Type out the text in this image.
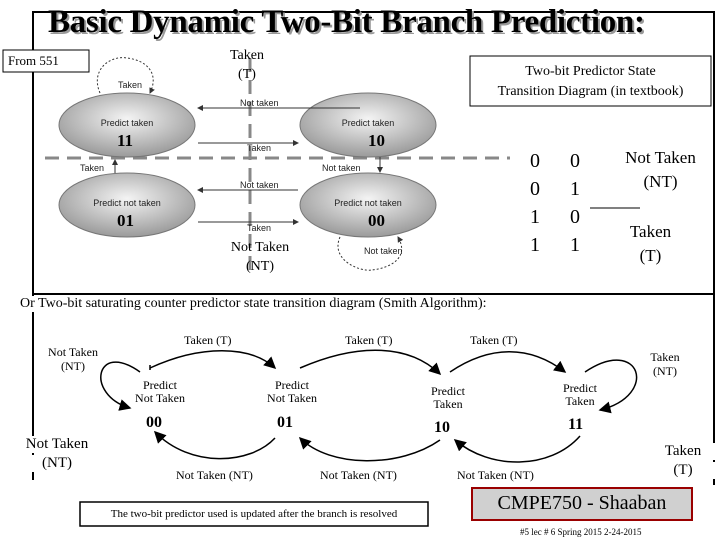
Basic Dynamic Two-Bit Branch Prediction:
From 551	Taken
(T)	Two-bit Predictor State
Transition Diagram (in textbook)
Predict taken	Predict taken
Predict not taken	Predict not taken
11	10
01	00
Taken
Not taken
Taken
Taken	Not taken
Not taken
Taken
Not taken
Not Taken
(NT)
0 0
0 1
1 0
1 1
Not Taken
(NT)
Taken
(T)
Or Two-bit saturating counter predictor state transition diagram (Smith Algorithm):
Taken (T)	Taken (T)	Taken (T)
Not Taken
(NT)
Taken
(NT)
Predict
Not Taken
00
Predict
Not Taken
01
Predict
Taken
10
Predict
Taken
11
Not Taken (NT)	Not Taken (NT)	Not Taken (NT)
Not Taken
(NT)
Taken
(T)
The two-bit predictor used is updated after the branch is resolved	CMPE750 - Shaaban
#5 lec # 6 Spring 2015 2-24-2015
